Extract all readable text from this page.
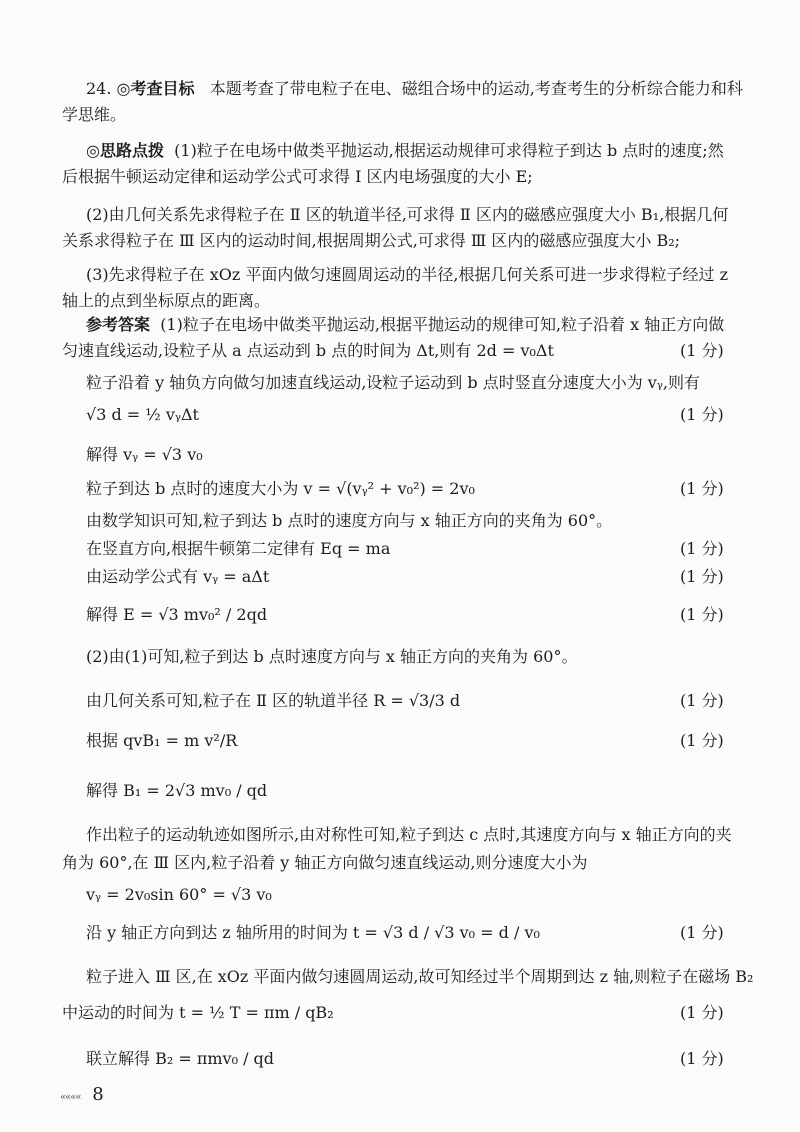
24. ◎考查目标 本题考查了带电粒子在电、磁组合场中的运动,考查考生的分析综合能力和科
学思维。
◎思路点拨 (1)粒子在电场中做类平抛运动,根据运动规律可求得粒子到达 b 点时的速度;然
后根据牛顿运动定律和运动学公式可求得 Ⅰ 区内电场强度的大小 E;
(2)由几何关系先求得粒子在 Ⅱ 区的轨道半径,可求得 Ⅱ 区内的磁感应强度大小 B₁,根据几何
关系求得粒子在 Ⅲ 区内的运动时间,根据周期公式,可求得 Ⅲ 区内的磁感应强度大小 B₂;
(3)先求得粒子在 xOz 平面内做匀速圆周运动的半径,根据几何关系可进一步求得粒子经过 z
轴上的点到坐标原点的距离。
参考答案 (1)粒子在电场中做类平抛运动,根据平抛运动的规律可知,粒子沿着 x 轴正方向做
匀速直线运动,设粒子从 a 点运动到 b 点的时间为 Δt,则有 2d = v₀Δt	(1 分)
粒子沿着 y 轴负方向做匀加速直线运动,设粒子运动到 b 点时竖直分速度大小为 vᵧ,则有
√3 d = ½ vᵧΔt	(1 分)
解得 vᵧ = √3 v₀
粒子到达 b 点时的速度大小为 v = √(vᵧ² + v₀²) = 2v₀	(1 分)
由数学知识可知,粒子到达 b 点时的速度方向与 x 轴正方向的夹角为 60°。
在竖直方向,根据牛顿第二定律有 Eq = ma	(1 分)
由运动学公式有 vᵧ = aΔt	(1 分)
解得 E = √3 mv₀² / 2qd	(1 分)
(2)由(1)可知,粒子到达 b 点时速度方向与 x 轴正方向的夹角为 60°。
由几何关系可知,粒子在 Ⅱ 区的轨道半径 R = √3/3 d	(1 分)
根据 qvB₁ = m v²/R	(1 分)
解得 B₁ = 2√3 mv₀ / qd
作出粒子的运动轨迹如图所示,由对称性可知,粒子到达 c 点时,其速度方向与 x 轴正方向的夹
角为 60°,在 Ⅲ 区内,粒子沿着 y 轴正方向做匀速直线运动,则分速度大小为
vᵧ = 2v₀sin 60° = √3 v₀
沿 y 轴正方向到达 z 轴所用的时间为 t = √3 d / √3 v₀ = d / v₀	(1 分)
粒子进入 Ⅲ 区,在 xOz 平面内做匀速圆周运动,故可知经过半个周期到达 z 轴,则粒子在磁场 B₂
中运动的时间为 t = ½ T = πm / qB₂	(1 分)
联立解得 B₂ = πmv₀ / qd	(1 分)
«««« 8
